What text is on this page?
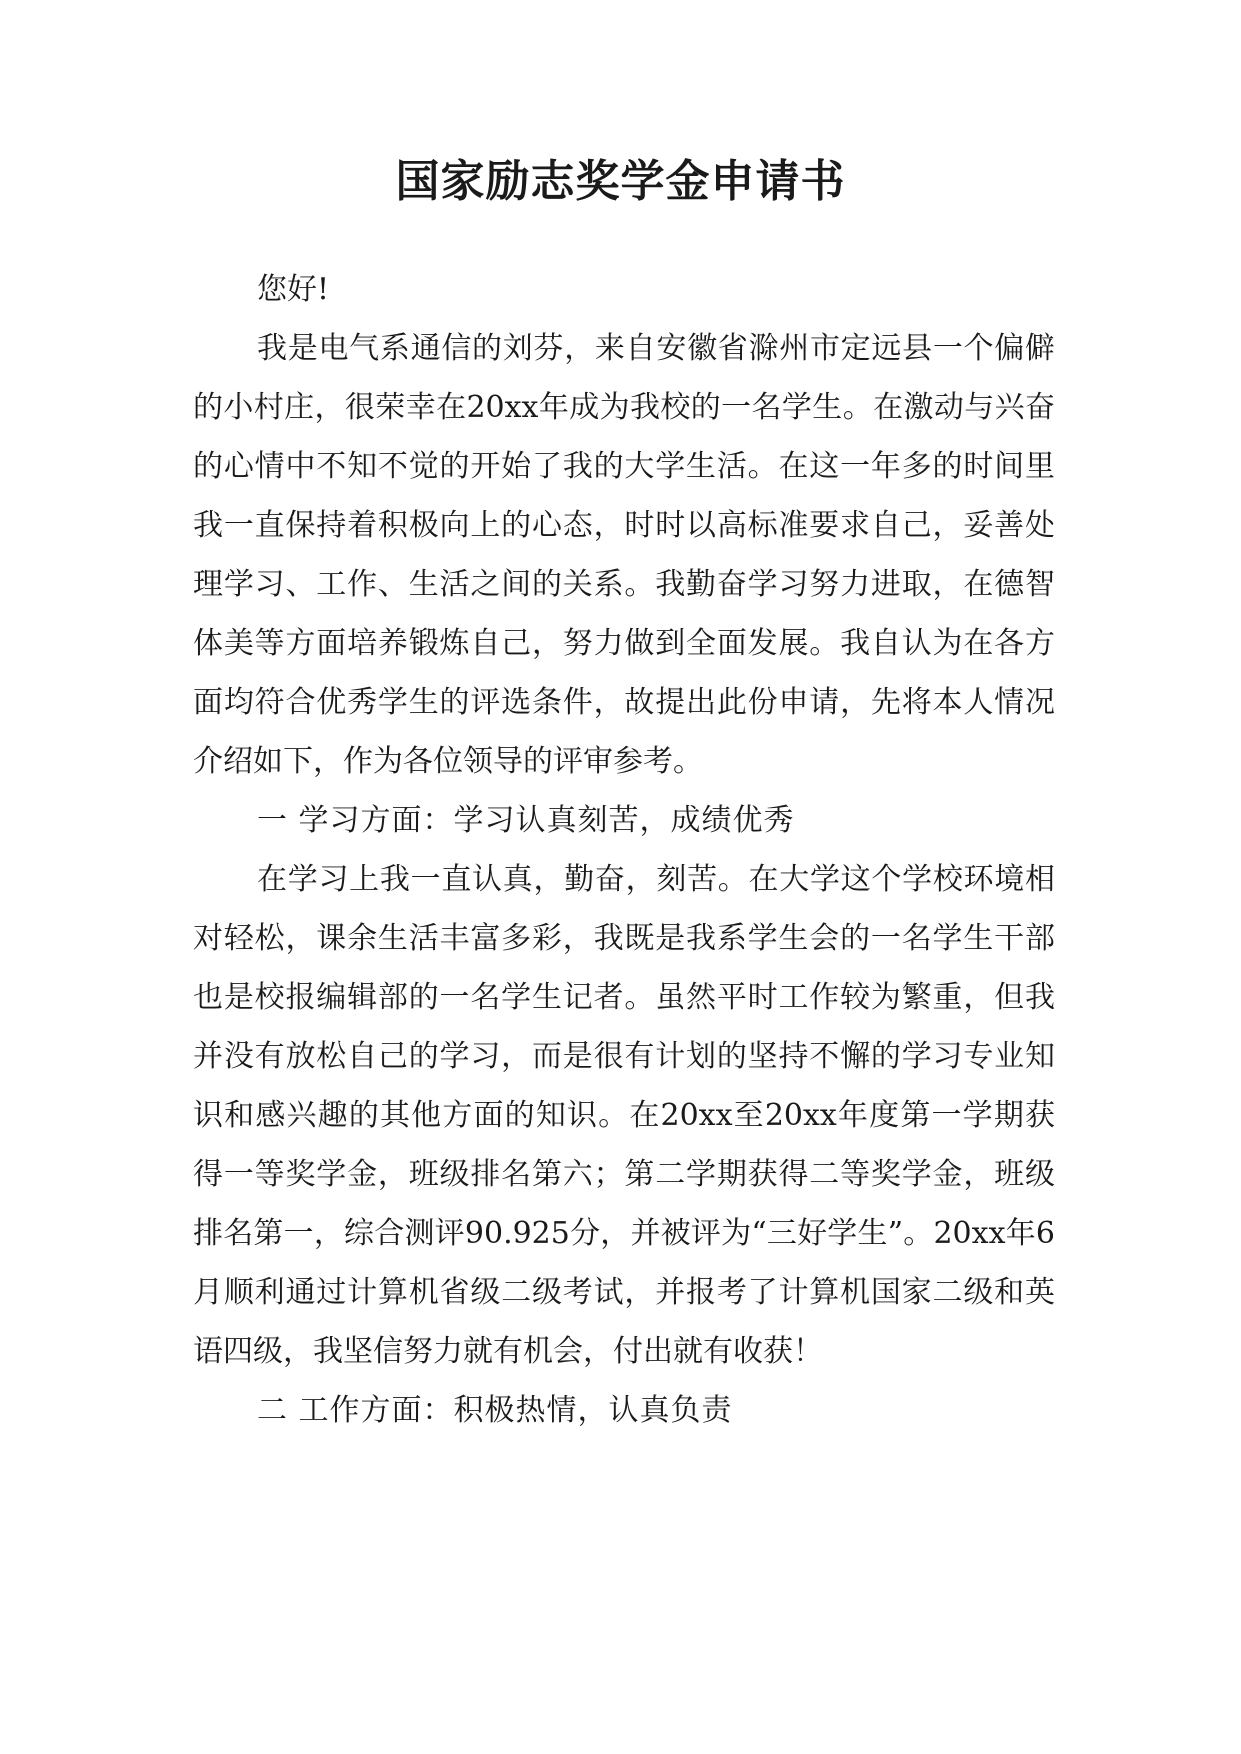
国家励志奖学金申请书

您好!

我是电气系通信的刘芬，来自安徽省滁州市定远县一个偏僻的小村庄，很荣幸在20xx年成为我校的一名学生。在激动与兴奋的心情中不知不觉的开始了我的大学生活。在这一年多的时间里我一直保持着积极向上的心态，时时以高标准要求自己，妥善处理学习、工作、生活之间的关系。我勤奋学习努力进取，在德智体美等方面培养锻炼自己，努力做到全面发展。我自认为在各方面均符合优秀学生的评选条件，故提出此份申请，先将本人情况介绍如下，作为各位领导的评审参考。

一 学习方面：学习认真刻苦，成绩优秀

在学习上我一直认真，勤奋，刻苦。在大学这个学校环境相对轻松，课余生活丰富多彩，我既是我系学生会的一名学生干部也是校报编辑部的一名学生记者。虽然平时工作较为繁重，但我并没有放松自己的学习，而是很有计划的坚持不懈的学习专业知识和感兴趣的其他方面的知识。在20xx至20xx年度第一学期获得一等奖学金，班级排名第六；第二学期获得二等奖学金，班级排名第一，综合测评90.925分，并被评为“三好学生”。20xx年6月顺利通过计算机省级二级考试，并报考了计算机国家二级和英语四级，我坚信努力就有机会，付出就有收获！

二 工作方面：积极热情，认真负责
